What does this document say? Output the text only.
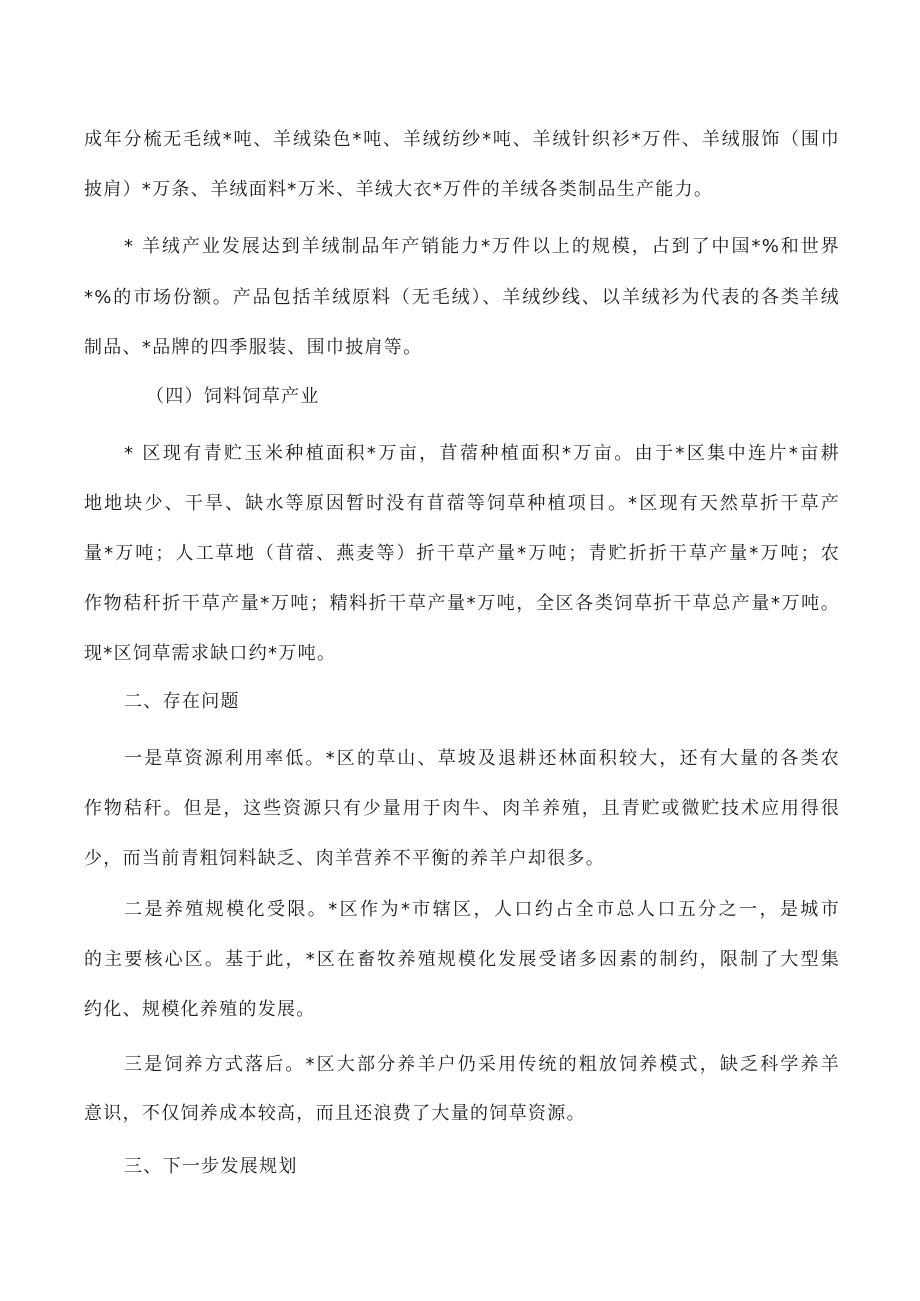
成年分梳无毛绒*吨、羊绒染色*吨、羊绒纺纱*吨、羊绒针织衫*万件、羊绒服饰（围巾
披肩）*万条、羊绒面料*万米、羊绒大衣*万件的羊绒各类制品生产能力。
* 羊绒产业发展达到羊绒制品年产销能力*万件以上的规模，占到了中国*%和世界
*%的市场份额。产品包括羊绒原料（无毛绒）、羊绒纱线、以羊绒衫为代表的各类羊绒
制品、*品牌的四季服装、围巾披肩等。
（四）饲料饲草产业
* 区现有青贮玉米种植面积*万亩，苜蓿种植面积*万亩。由于*区集中连片*亩耕
地地块少、干旱、缺水等原因暂时没有苜蓿等饲草种植项目。*区现有天然草折干草产
量*万吨；人工草地（苜蓿、燕麦等）折干草产量*万吨；青贮折折干草产量*万吨；农
作物秸秆折干草产量*万吨；精料折干草产量*万吨，全区各类饲草折干草总产量*万吨。
现*区饲草需求缺口约*万吨。
二、存在问题
一是草资源利用率低。*区的草山、草坡及退耕还林面积较大，还有大量的各类农
作物秸秆。但是，这些资源只有少量用于肉牛、肉羊养殖，且青贮或微贮技术应用得很
少，而当前青粗饲料缺乏、肉羊营养不平衡的养羊户却很多。
二是养殖规模化受限。*区作为*市辖区，人口约占全市总人口五分之一，是城市
的主要核心区。基于此，*区在畜牧养殖规模化发展受诸多因素的制约，限制了大型集
约化、规模化养殖的发展。
三是饲养方式落后。*区大部分养羊户仍采用传统的粗放饲养模式，缺乏科学养羊
意识，不仅饲养成本较高，而且还浪费了大量的饲草资源。
三、下一步发展规划
